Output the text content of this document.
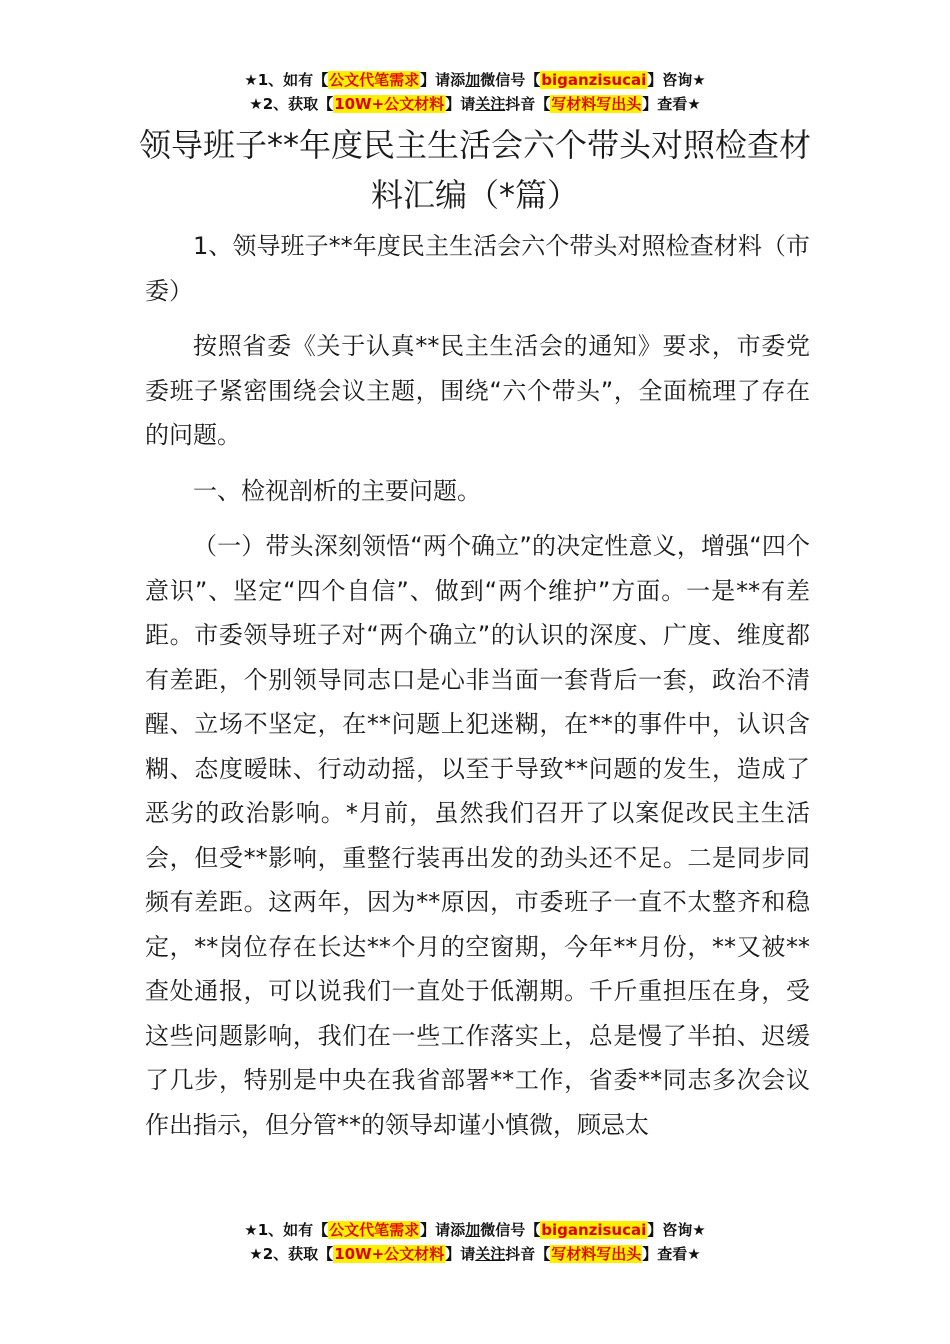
★1、如有【公文代笔需求】请添加微信号【biganzisucai】咨询★
★2、获取【10W+公文材料】请关注抖音【写材料写出头】查看★
领导班子**年度民主生活会六个带头对照检查材料汇编（*篇）

1、领导班子**年度民主生活会六个带头对照检查材料（市委）

按照省委《关于认真**民主生活会的通知》要求，市委党委班子紧密围绕会议主题，围绕“六个带头”，全面梳理了存在的问题。

一、检视剖析的主要问题。

（一）带头深刻领悟“两个确立”的决定性意义，增强“四个意识”、坚定“四个自信”、做到“两个维护”方面。一是**有差距。市委领导班子对“两个确立”的认识的深度、广度、维度都有差距，个别领导同志口是心非当面一套背后一套，政治不清醒、立场不坚定，在**问题上犯迷糊，在**的事件中，认识含糊、态度暧昧、行动动摇，以至于导致**问题的发生，造成了恶劣的政治影响。*月前，虽然我们召开了以案促改民主生活会，但受**影响，重整行装再出发的劲头还不足。二是同步同频有差距。这两年，因为**原因，市委班子一直不太整齐和稳定，**岗位存在长达**个月的空窗期，今年**月份，**又被**查处通报，可以说我们一直处于低潮期。千斤重担压在身，受这些问题影响，我们在一些工作落实上，总是慢了半拍、迟缓了几步，特别是中央在我省部署**工作，省委**同志多次会议作出指示，但分管**的领导却谨小慎微，顾忌太

★1、如有【公文代笔需求】请添加微信号【biganzisucai】咨询★
★2、获取【10W+公文材料】请关注抖音【写材料写出头】查看★
